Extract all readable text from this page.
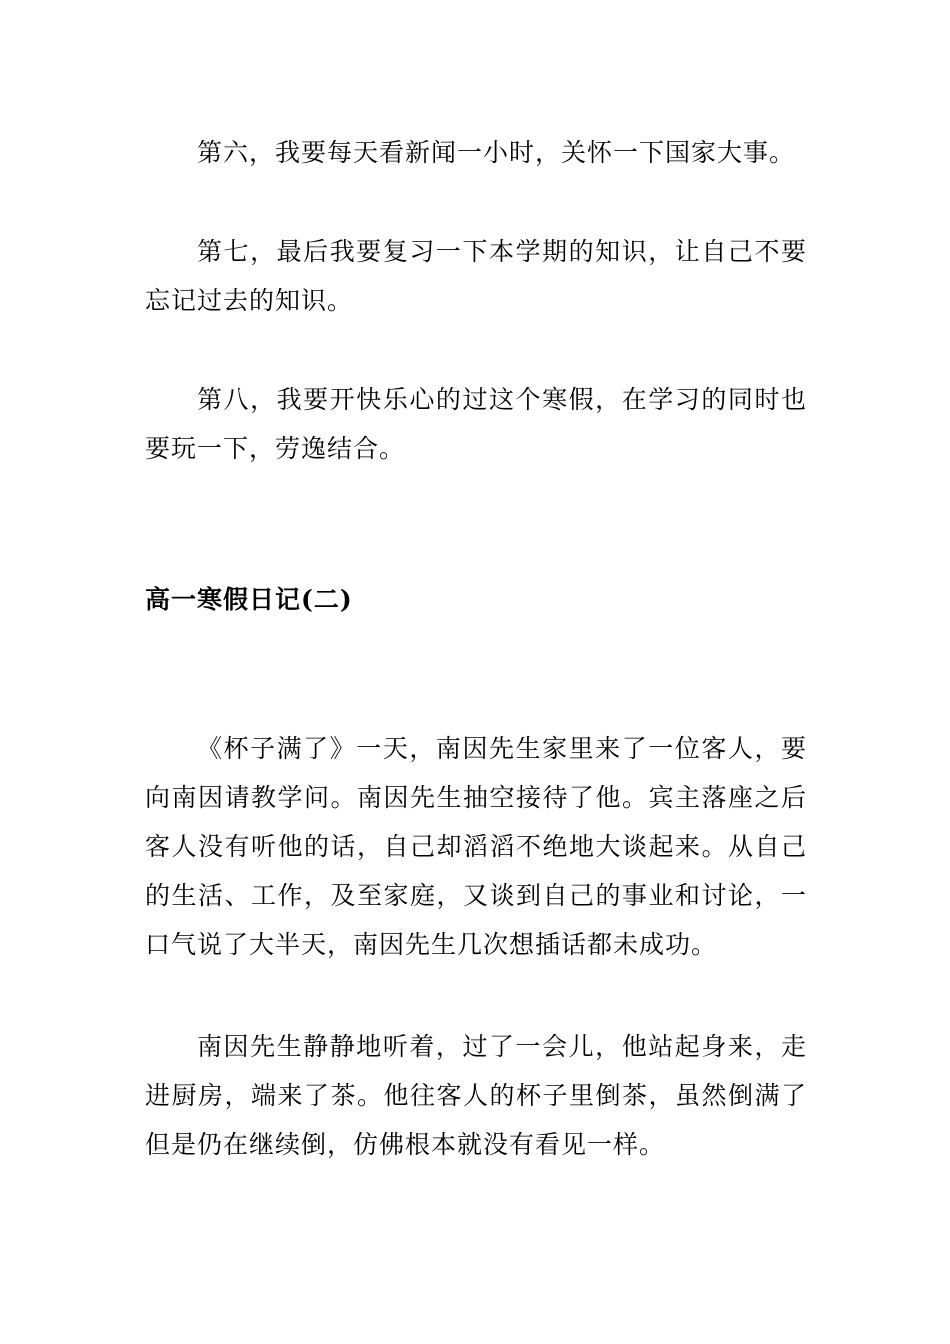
第六，我要每天看新闻一小时，关怀一下国家大事。

第七，最后我要复习一下本学期的知识，让自己不要忘记过去的知识。

第八，我要开快乐心的过这个寒假，在学习的同时也要玩一下，劳逸结合。

高一寒假日记(二)

《杯子满了》一天，南因先生家里来了一位客人，要向南因请教学问。南因先生抽空接待了他。宾主落座之后客人没有听他的话，自己却滔滔不绝地大谈起来。从自己的生活、工作，及至家庭，又谈到自己的事业和讨论，一口气说了大半天，南因先生几次想插话都未成功。

南因先生静静地听着，过了一会儿，他站起身来，走进厨房，端来了茶。他往客人的杯子里倒茶，虽然倒满了但是仍在继续倒，仿佛根本就没有看见一样。
